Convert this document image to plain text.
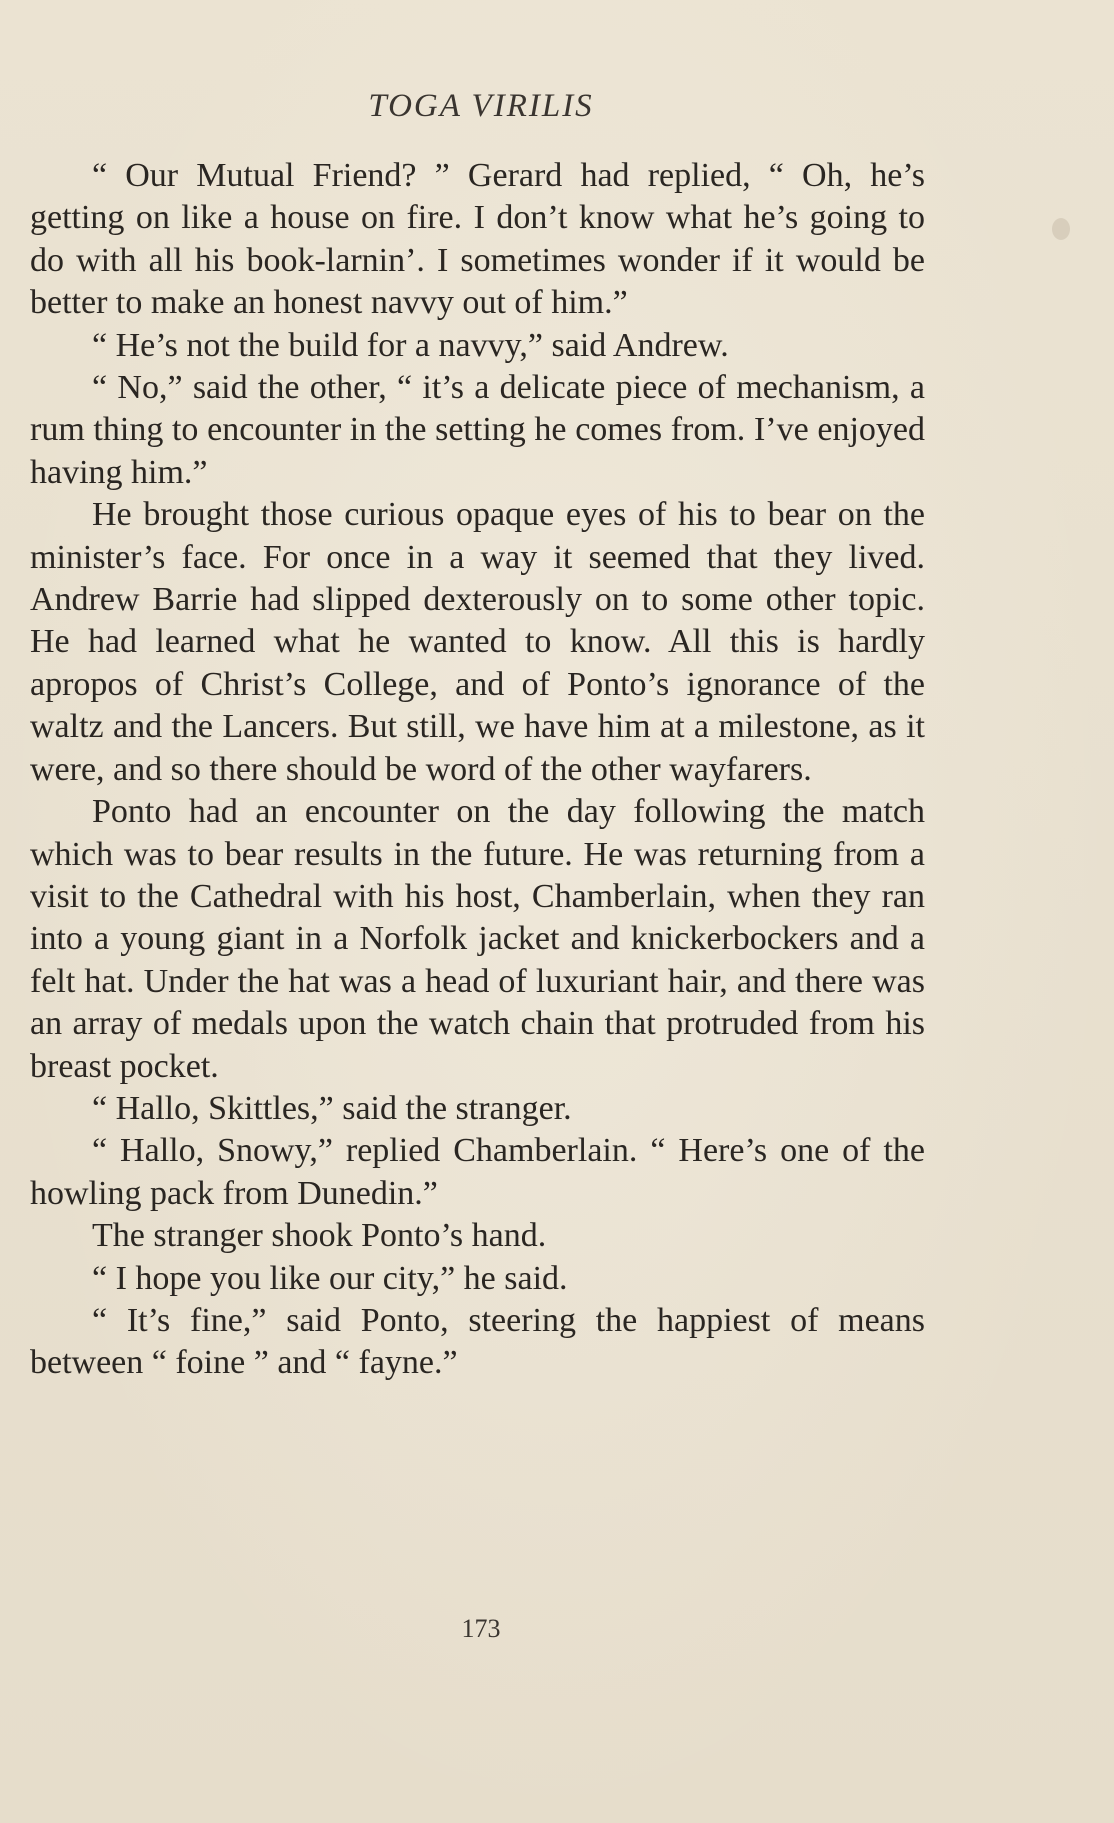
TOGA VIRILIS

“ Our Mutual Friend? ” Gerard had replied, “ Oh, he’s getting on like a house on fire. I don’t know what he’s going to do with all his book-larnin’. I sometimes wonder if it would be better to make an honest navvy out of him.”

“ He’s not the build for a navvy,” said Andrew.

“ No,” said the other, “ it’s a delicate piece of mechanism, a rum thing to encounter in the setting he comes from. I’ve enjoyed having him.”

He brought those curious opaque eyes of his to bear on the minister’s face. For once in a way it seemed that they lived. Andrew Barrie had slipped dexterously on to some other topic. He had learned what he wanted to know. All this is hardly apropos of Christ’s College, and of Ponto’s ignorance of the waltz and the Lancers. But still, we have him at a milestone, as it were, and so there should be word of the other wayfarers.

Ponto had an encounter on the day following the match which was to bear results in the future. He was returning from a visit to the Cathedral with his host, Chamberlain, when they ran into a young giant in a Norfolk jacket and knickerbockers and a felt hat. Under the hat was a head of luxuriant hair, and there was an array of medals upon the watch chain that protruded from his breast pocket.

“ Hallo, Skittles,” said the stranger.

“ Hallo, Snowy,” replied Chamberlain. “ Here’s one of the howling pack from Dunedin.”

The stranger shook Ponto’s hand.

“ I hope you like our city,” he said.

“ It’s fine,” said Ponto, steering the happiest of means between “ foine ” and “ fayne.”

173
